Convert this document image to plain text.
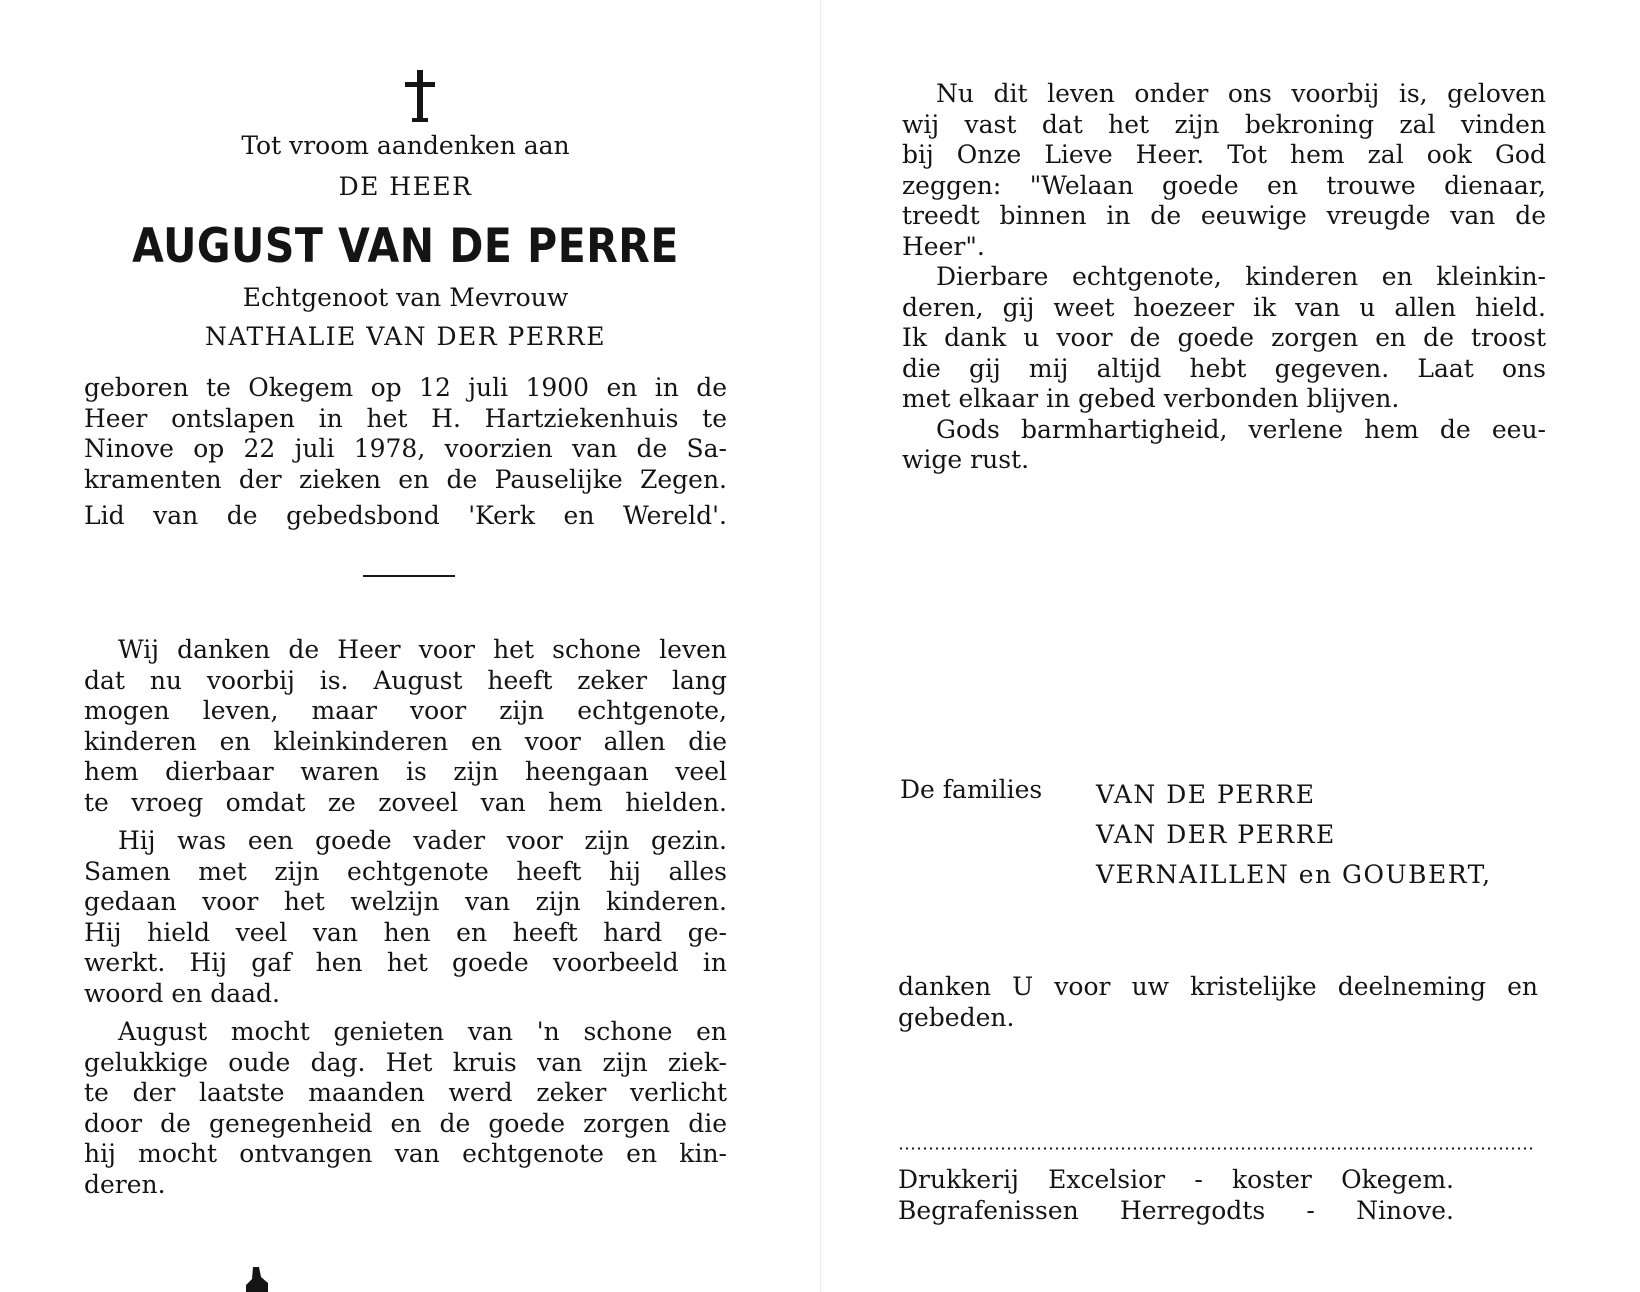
Tot vroom aandenken aan
DE HEER
AUGUST VAN DE PERRE
Echtgenoot van Mevrouw
NATHALIE VAN DER PERRE
geboren te Okegem op 12 juli 1900 en in de
Heer ontslapen in het H. Hartziekenhuis te
Ninove op 22 juli 1978, voorzien van de Sa-
kramenten der zieken en de Pauselijke Zegen.
Lid van de gebedsbond 'Kerk en Wereld'.
Wij danken de Heer voor het schone leven
dat nu voorbij is. August heeft zeker lang
mogen leven, maar voor zijn echtgenote,
kinderen en kleinkinderen en voor allen die
hem dierbaar waren is zijn heengaan veel
te vroeg omdat ze zoveel van hem hielden.
Hij was een goede vader voor zijn gezin.
Samen met zijn echtgenote heeft hij alles
gedaan voor het welzijn van zijn kinderen.
Hij hield veel van hen en heeft hard ge-
werkt. Hij gaf hen het goede voorbeeld in
woord en daad.
August mocht genieten van 'n schone en
gelukkige oude dag. Het kruis van zijn ziek-
te der laatste maanden werd zeker verlicht
door de genegenheid en de goede zorgen die
hij mocht ontvangen van echtgenote en kin-
deren.
Nu dit leven onder ons voorbij is, geloven
wij vast dat het zijn bekroning zal vinden
bij Onze Lieve Heer. Tot hem zal ook God
zeggen: "Welaan goede en trouwe dienaar,
treedt binnen in de eeuwige vreugde van de
Heer".
Dierbare echtgenote, kinderen en kleinkin-
deren, gij weet hoezeer ik van u allen hield.
Ik dank u voor de goede zorgen en de troost
die gij mij altijd hebt gegeven. Laat ons
met elkaar in gebed verbonden blijven.
Gods barmhartigheid, verlene hem de eeu-
wige rust.
De families VAN DE PERRE
VAN DER PERRE
VERNAILLEN en GOUBERT,
danken U voor uw kristelijke deelneming en
gebeden.
Drukkerij Excelsior - koster Okegem.
Begrafenissen Herregodts - Ninove.
